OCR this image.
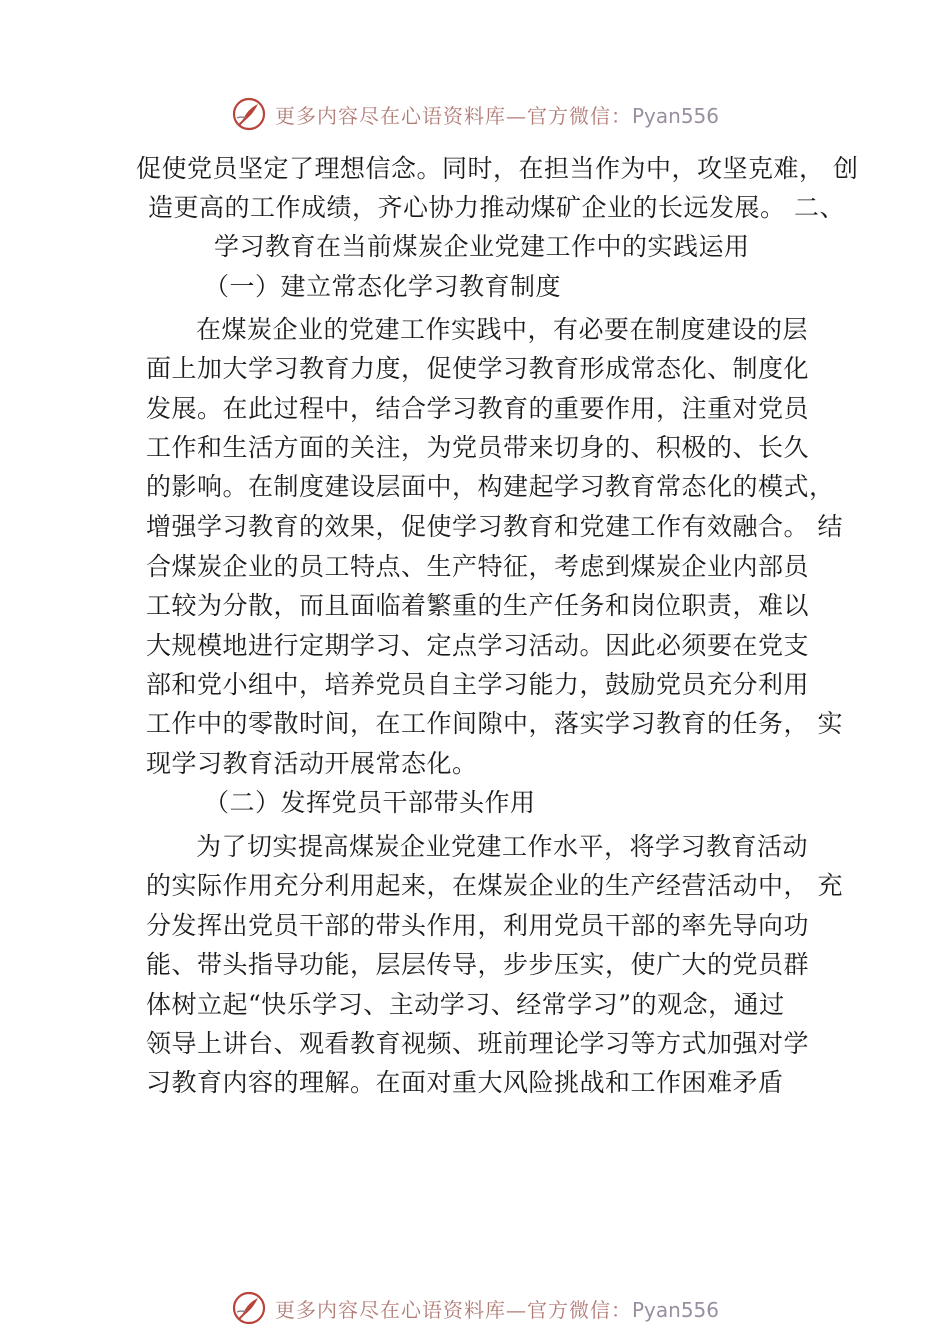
更多内容尽在心语资料库—官方微信：Pyan556
促使党员坚定了理想信念。同时，在担当作为中，攻坚克难， 创
造更高的工作成绩，齐心协力推动煤矿企业的长远发展。 二、
学习教育在当前煤炭企业党建工作中的实践运用
（一）建立常态化学习教育制度
在煤炭企业的党建工作实践中，有必要在制度建设的层
面上加大学习教育力度，促使学习教育形成常态化、制度化
发展。在此过程中，结合学习教育的重要作用，注重对党员
工作和生活方面的关注，为党员带来切身的、积极的、长久
的影响。在制度建设层面中，构建起学习教育常态化的模式，
增强学习教育的效果，促使学习教育和党建工作有效融合。 结
合煤炭企业的员工特点、生产特征，考虑到煤炭企业内部员
工较为分散，而且面临着繁重的生产任务和岗位职责，难以
大规模地进行定期学习、定点学习活动。因此必须要在党支
部和党小组中，培养党员自主学习能力，鼓励党员充分利用
工作中的零散时间，在工作间隙中，落实学习教育的任务， 实
现学习教育活动开展常态化。
（二）发挥党员干部带头作用
为了切实提高煤炭企业党建工作水平，将学习教育活动
的实际作用充分利用起来，在煤炭企业的生产经营活动中， 充
分发挥出党员干部的带头作用，利用党员干部的率先导向功
能、带头指导功能，层层传导，步步压实，使广大的党员群
体树立起“快乐学习、主动学习、经常学习”的观念，通过
领导上讲台、观看教育视频、班前理论学习等方式加强对学
习教育内容的理解。在面对重大风险挑战和工作困难矛盾
更多内容尽在心语资料库—官方微信：Pyan556
